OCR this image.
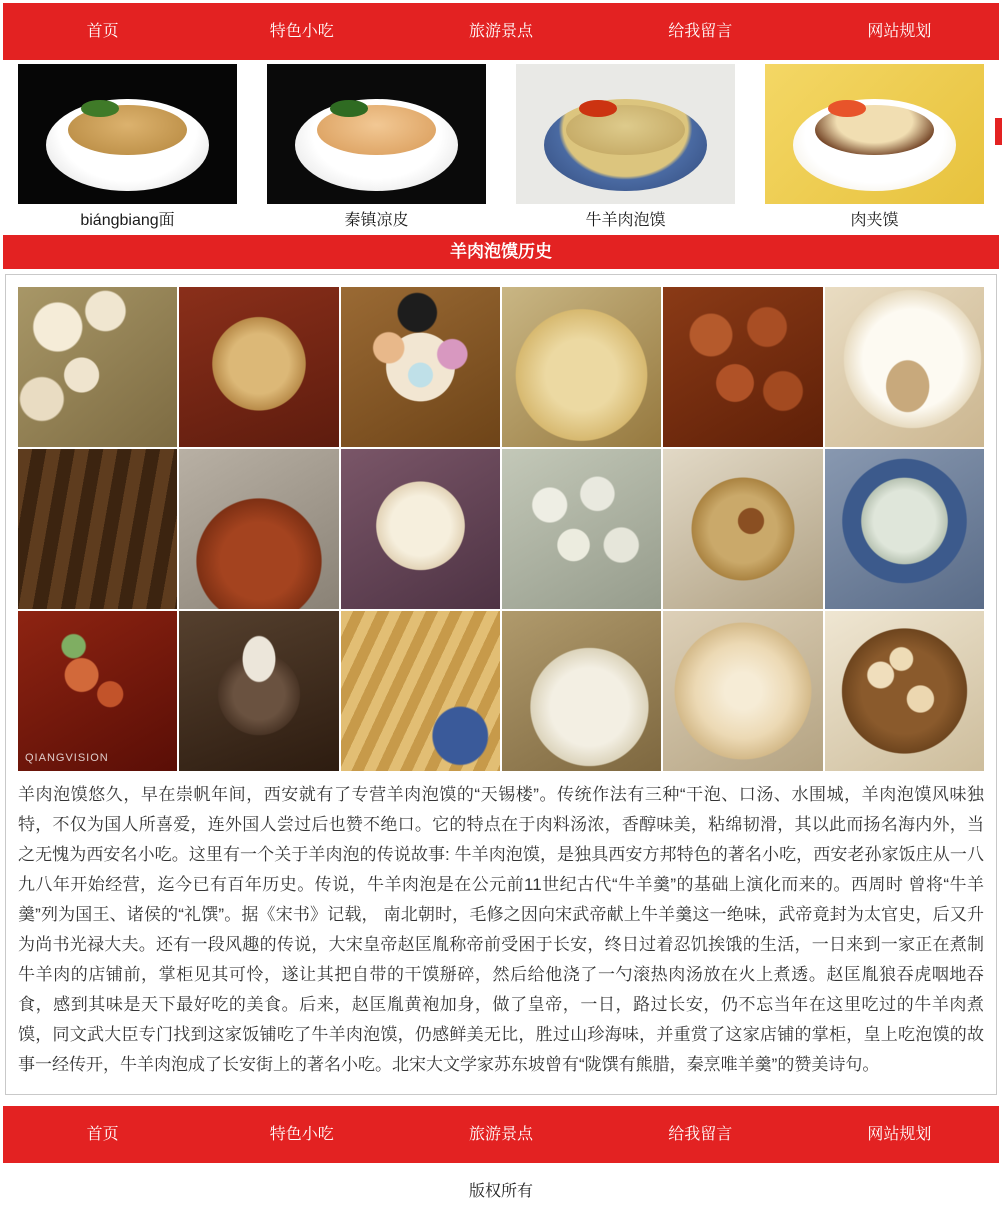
首页	特色小吃	旅游景点	给我留言	网站规划
biángbiang面	秦镇凉皮	牛羊肉泡馍	肉夹馍
羊肉泡馍历史
QIANGVISION

羊肉泡馍悠久，早在崇帆年间，西安就有了专营羊肉泡馍的“天锡楼”。传统作法有三种“干泡、口汤、水围城，羊肉泡馍风味独特，不仅为国人所喜爱，连外国人尝过后也赞不绝口。它的特点在于肉料汤浓，香醇味美，粘绵韧滑，其以此而扬名海内外，当之无愧为西安名小吃。这里有一个关于羊肉泡的传说故事: 牛羊肉泡馍，是独具西安方邦特色的著名小吃，西安老孙家饭庄从一八九八年开始经营，迄今已有百年历史。传说，牛羊肉泡是在公元前11世纪古代“牛羊羹”的基础上演化而来的。西周时 曾将“牛羊羹”列为国王、诸侯的“礼馔”。据《宋书》记载， 南北朝时，毛修之因向宋武帝献上牛羊羹这一绝味，武帝竟封为太官史，后又升为尚书光禄大夫。还有一段风趣的传说，大宋皇帝赵匡胤称帝前受困于长安，终日过着忍饥挨饿的生活，一日来到一家正在煮制牛羊肉的店铺前，掌柜见其可怜，遂让其把自带的干馍掰碎，然后给他浇了一勺滚热肉汤放在火上煮透。赵匡胤狼吞虎咽地吞食，感到其味是天下最好吃的美食。后来，赵匡胤黄袍加身，做了皇帝，一日，路过长安，仍不忘当年在这里吃过的牛羊肉煮馍，同文武大臣专门找到这家饭铺吃了牛羊肉泡馍，仍感鲜美无比，胜过山珍海味，并重赏了这家店铺的掌柜，皇上吃泡馍的故事一经传开，牛羊肉泡成了长安街上的著名小吃。北宋大文学家苏东坡曾有“陇馔有熊腊，秦烹唯羊羹”的赞美诗句。

首页	特色小吃	旅游景点	给我留言	网站规划
版权所有
